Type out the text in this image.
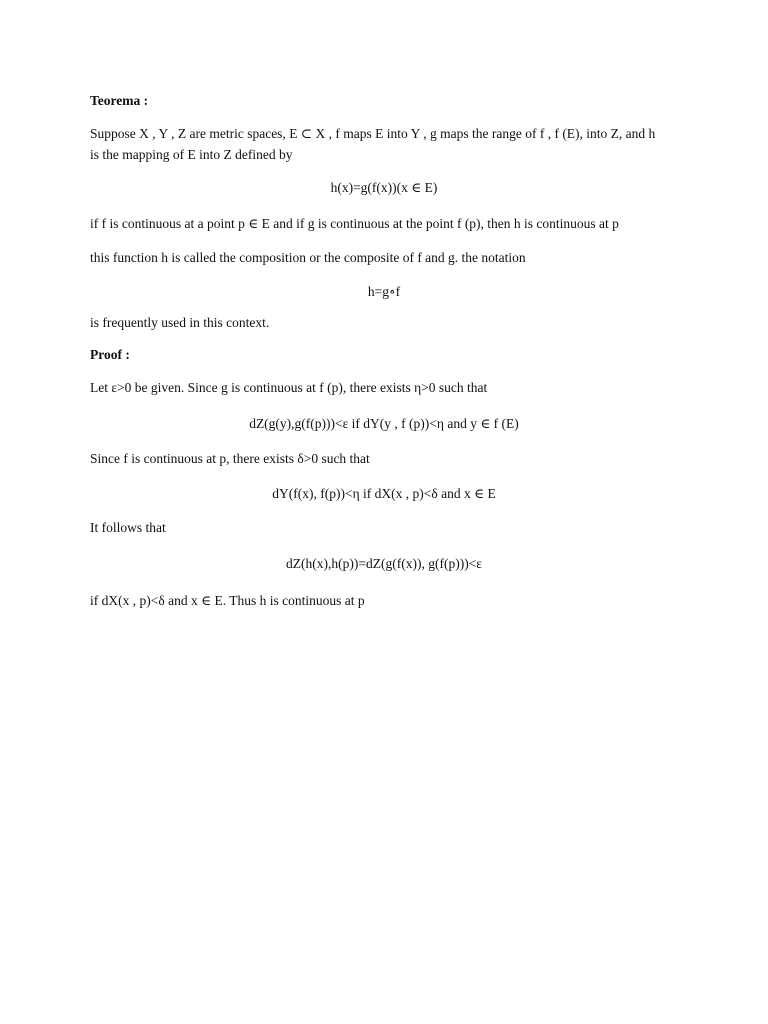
Teorema :
Suppose X , Y , Z are metric spaces, E ⊂ X , f maps E into Y , g maps the range of f , f (E), into Z, and h
is the mapping of E into Z defined by
h(x)=g(f(x))(x ∈ E)
if f is continuous at a point p ∈ E and if g is continuous at the point f (p), then h is continuous at p
this function h is called the composition or the composite of f and g. the notation
h=g∘f
is frequently used in this context.
Proof :
Let ε>0 be given. Since g is continuous at f (p), there exists η>0 such that
dZ(g(y),g(f(p)))<ε if dY(y , f (p))<η and y ∈ f (E)
Since f is continuous at p, there exists δ>0 such that
dY(f(x), f(p))<η if dX(x , p)<δ and x ∈ E
It follows that
dZ(h(x),h(p))=dZ(g(f(x)), g(f(p)))<ε
if dX(x , p)<δ and x ∈ E. Thus h is continuous at p
